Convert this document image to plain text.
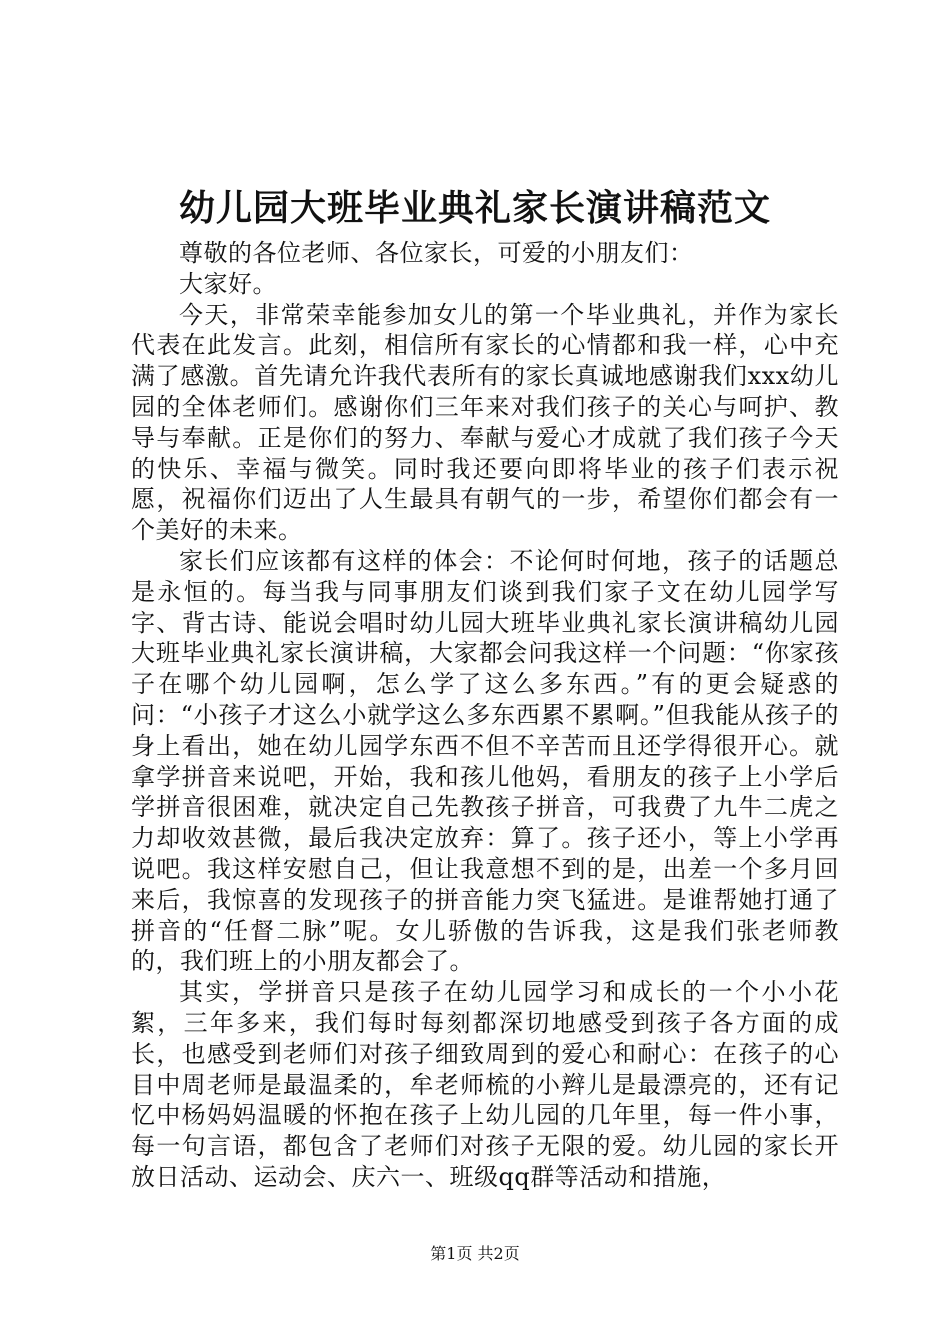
幼儿园大班毕业典礼家长演讲稿范文

尊敬的各位老师、各位家长，可爱的小朋友们：

大家好。

今天，非常荣幸能参加女儿的第一个毕业典礼，并作为家长代表在此发言。此刻，相信所有家长的心情都和我一样，心中充满了感激。首先请允许我代表所有的家长真诚地感谢我们xxx幼儿园的全体老师们。感谢你们三年来对我们孩子的关心与呵护、教导与奉献。正是你们的努力、奉献与爱心才成就了我们孩子今天的快乐、幸福与微笑。同时我还要向即将毕业的孩子们表示祝愿，祝福你们迈出了人生最具有朝气的一步，希望你们都会有一个美好的未来。

家长们应该都有这样的体会：不论何时何地，孩子的话题总是永恒的。每当我与同事朋友们谈到我们家子文在幼儿园学写字、背古诗、能说会唱时幼儿园大班毕业典礼家长演讲稿幼儿园大班毕业典礼家长演讲稿，大家都会问我这样一个问题：“你家孩子在哪个幼儿园啊，怎么学了这么多东西。”有的更会疑惑的问：“小孩子才这么小就学这么多东西累不累啊。”但我能从孩子的身上看出，她在幼儿园学东西不但不辛苦而且还学得很开心。就拿学拼音来说吧，开始，我和孩儿他妈，看朋友的孩子上小学后学拼音很困难，就决定自己先教孩子拼音，可我费了九牛二虎之力却收效甚微，最后我决定放弃：算了。孩子还小，等上小学再说吧。我这样安慰自己，但让我意想不到的是，出差一个多月回来后，我惊喜的发现孩子的拼音能力突飞猛进。是谁帮她打通了拼音的“任督二脉”呢。女儿骄傲的告诉我，这是我们张老师教的，我们班上的小朋友都会了。

其实，学拼音只是孩子在幼儿园学习和成长的一个小小花絮，三年多来，我们每时每刻都深切地感受到孩子各方面的成长，也感受到老师们对孩子细致周到的爱心和耐心：在孩子的心目中周老师是最温柔的，牟老师梳的小辫儿是最漂亮的，还有记忆中杨妈妈温暖的怀抱在孩子上幼儿园的几年里，每一件小事，每一句言语，都包含了老师们对孩子无限的爱。幼儿园的家长开放日活动、运动会、庆六一、班级qq群等活动和措施，

第1页 共2页
